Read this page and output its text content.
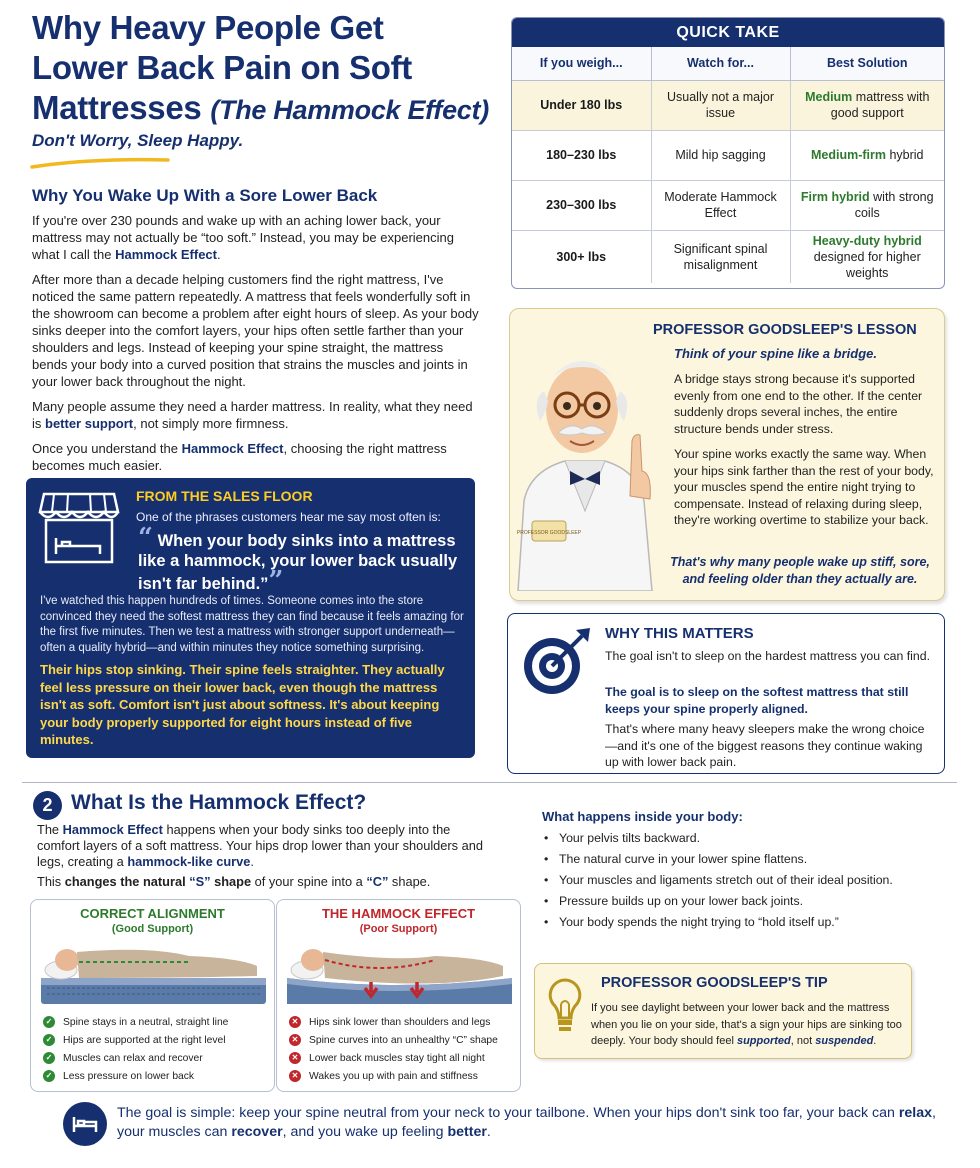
Why Heavy People Get
Lower Back Pain on Soft
Mattresses (The Hammock Effect)
Don't Worry, Sleep Happy.
Why You Wake Up With a Sore Lower Back

If you're over 230 pounds and wake up with an aching lower back, your mattress may not actually be “too soft.” Instead, you may be experiencing what I call the Hammock Effect.

After more than a decade helping customers find the right mattress, I've noticed the same pattern repeatedly. A mattress that feels wonderfully soft in the showroom can become a problem after eight hours of sleep. As your body sinks deeper into the comfort layers, your hips often settle farther than your shoulders and legs. Instead of keeping your spine straight, the mattress bends your body into a curved position that strains the muscles and joints in your lower back throughout the night.

Many people assume they need a harder mattress. In reality, what they need is better support, not simply more firmness.

Once you understand the Hammock Effect, choosing the right mattress becomes much easier.

FROM THE SALES FLOOR
One of the phrases customers hear me say most often is:
“ When your body sinks into a mattress like a hammock, your lower back usually isn't far behind.””
I've watched this happen hundreds of times. Someone comes into the store convinced they need the softest mattress they can find because it feels amazing for the first five minutes. Then we test a mattress with stronger support underneath—often a quality hybrid—and within minutes they notice something surprising.
Their hips stop sinking. Their spine feels straighter. They actually feel less pressure on their lower back, even though the mattress isn't as soft. Comfort isn't just about softness. It's about keeping your body properly supported for eight hours instead of five minutes.
QUICK TAKE
If you weigh...	Watch for...	Best Solution
Under 180 lbs	Usually not a major issue	Medium mattress with good support
180–230 lbs	Mild hip sagging	Medium-firm hybrid
230–300 lbs	Moderate Hammock Effect	Firm hybrid with strong coils
300+ lbs	Significant spinal misalignment	Heavy-duty hybrid designed for higher weights
PROFESSOR GOODSLEEP
PROFESSOR GOODSLEEP'S LESSON
Think of your spine like a bridge.
A bridge stays strong because it's supported evenly from one end to the other. If the center suddenly drops several inches, the entire structure bends under stress.
Your spine works exactly the same way. When your hips sink farther than the rest of your body, your muscles spend the entire night trying to compensate. Instead of relaxing during sleep, they're working overtime to stabilize your back.
That's why many people wake up stiff, sore, and feeling older than they actually are.
WHY THIS MATTERS
The goal isn't to sleep on the hardest mattress you can find.
The goal is to sleep on the softest mattress that still keeps your spine properly aligned.
That's where many heavy sleepers make the wrong choice—and it's one of the biggest reasons they continue waking up with lower back pain.
2 What Is the Hammock Effect?
The Hammock Effect happens when your body sinks too deeply into the comfort layers of a soft mattress. Your hips drop lower than your shoulders and legs, creating a hammock-like curve.
This changes the natural “S” shape of your spine into a “C” shape.
CORRECT ALIGNMENT
(Good Support)
✓ Spine stays in a neutral, straight line
✓ Hips are supported at the right level
✓ Muscles can relax and recover
✓ Less pressure on lower back
THE HAMMOCK EFFECT
(Poor Support)
✕ Hips sink lower than shoulders and legs
✕ Spine curves into an unhealthy “C” shape
✕ Lower back muscles stay tight all night
✕ Wakes you up with pain and stiffness
What happens inside your body:
• Your pelvis tilts backward.
• The natural curve in your lower spine flattens.
• Your muscles and ligaments stretch out of their ideal position.
• Pressure builds up on your lower back joints.
• Your body spends the night trying to “hold itself up.”
PROFESSOR GOODSLEEP'S TIP
If you see daylight between your lower back and the mattress when you lie on your side, that's a sign your hips are sinking too deeply. Your body should feel supported, not suspended.
The goal is simple: keep your spine neutral from your neck to your tailbone. When your hips don't sink too far, your back can relax, your muscles can recover, and you wake up feeling better.
